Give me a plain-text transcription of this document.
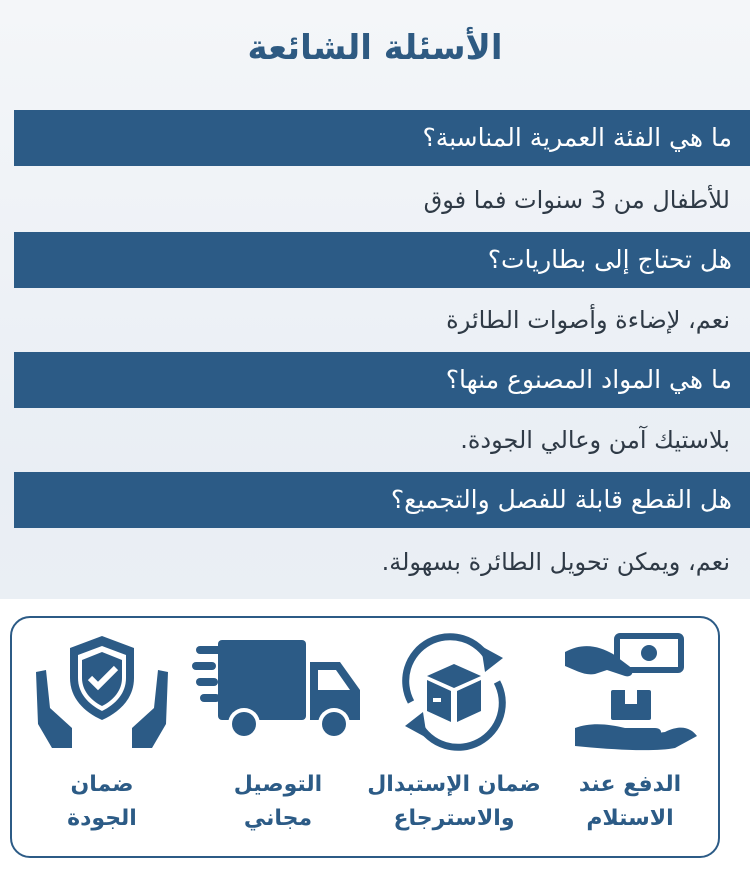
الأسئلة الشائعة
ما هي الفئة العمرية المناسبة؟
للأطفال من 3 سنوات فما فوق
هل تحتاج إلى بطاريات؟
نعم، لإضاءة وأصوات الطائرة
ما هي المواد المصنوع منها؟
بلاستيك آمن وعالي الجودة.
هل القطع قابلة للفصل والتجميع؟
نعم، ويمكن تحويل الطائرة بسهولة.
الدفع عند
الاستلام
ضمان الإستبدال
والاسترجاع
التوصيل
مجاني
ضمان
الجودة
